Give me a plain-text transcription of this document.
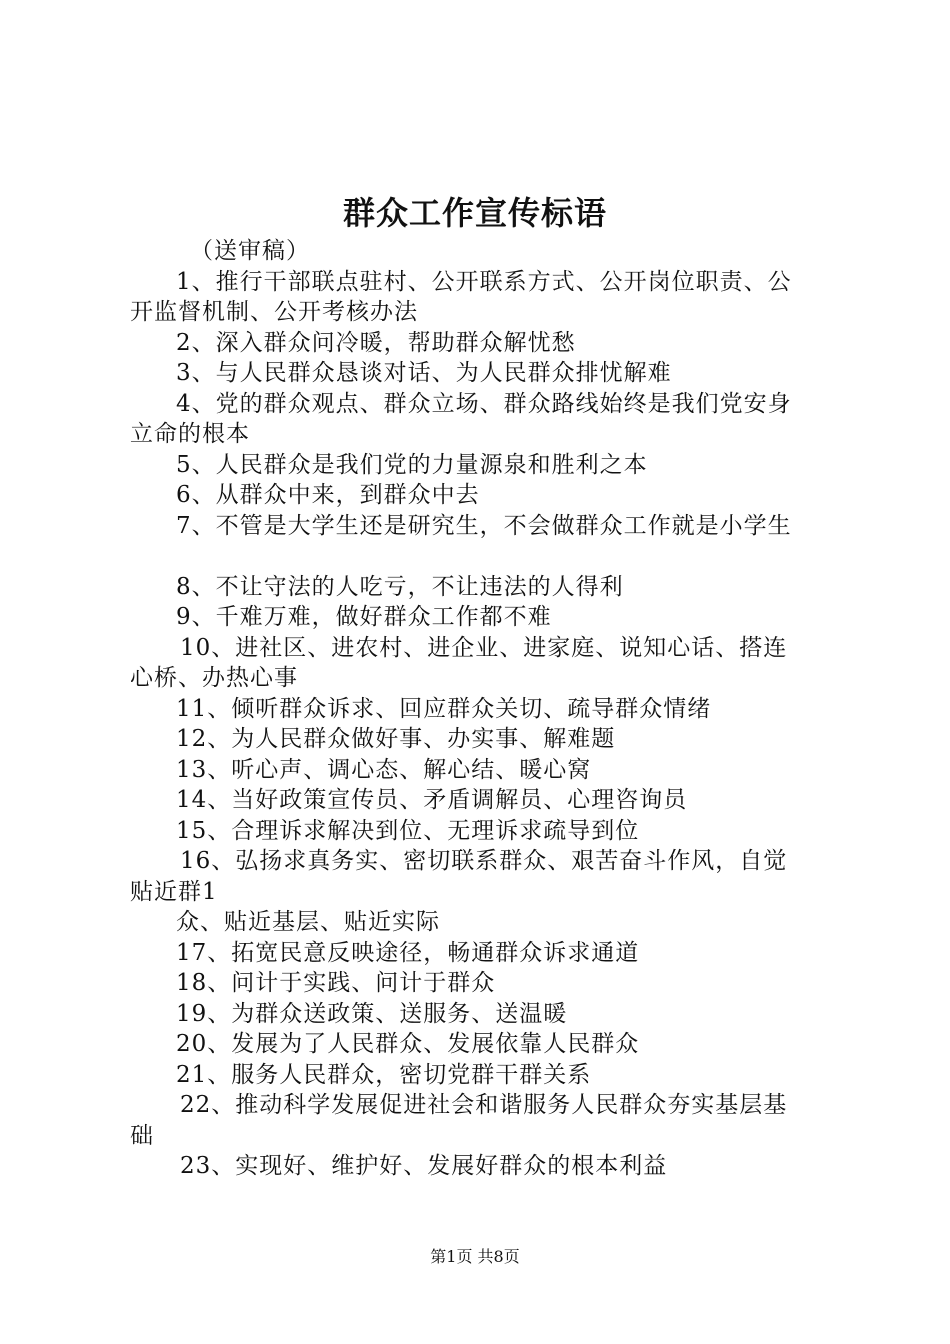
群众工作宣传标语
（送审稿）
1、推行干部联点驻村、公开联系方式、公开岗位职责、公
开监督机制、公开考核办法
2、深入群众问冷暖，帮助群众解忧愁
3、与人民群众恳谈对话、为人民群众排忧解难
4、党的群众观点、群众立场、群众路线始终是我们党安身
立命的根本
5、人民群众是我们党的力量源泉和胜利之本
6、从群众中来，到群众中去
7、不管是大学生还是研究生，不会做群众工作就是小学生
8、不让守法的人吃亏，不让违法的人得利
9、千难万难，做好群众工作都不难
10、进社区、进农村、进企业、进家庭、说知心话、搭连
心桥、办热心事
11、倾听群众诉求、回应群众关切、疏导群众情绪
12、为人民群众做好事、办实事、解难题
13、听心声、调心态、解心结、暖心窝
14、当好政策宣传员、矛盾调解员、心理咨询员
15、合理诉求解决到位、无理诉求疏导到位
16、弘扬求真务实、密切联系群众、艰苦奋斗作风，自觉
贴近群1
众、贴近基层、贴近实际
17、拓宽民意反映途径，畅通群众诉求通道
18、问计于实践、问计于群众
19、为群众送政策、送服务、送温暖
20、发展为了人民群众、发展依靠人民群众
21、服务人民群众，密切党群干群关系
22、推动科学发展促进社会和谐服务人民群众夯实基层基
础
23、实现好、维护好、发展好群众的根本利益
第1页 共8页
